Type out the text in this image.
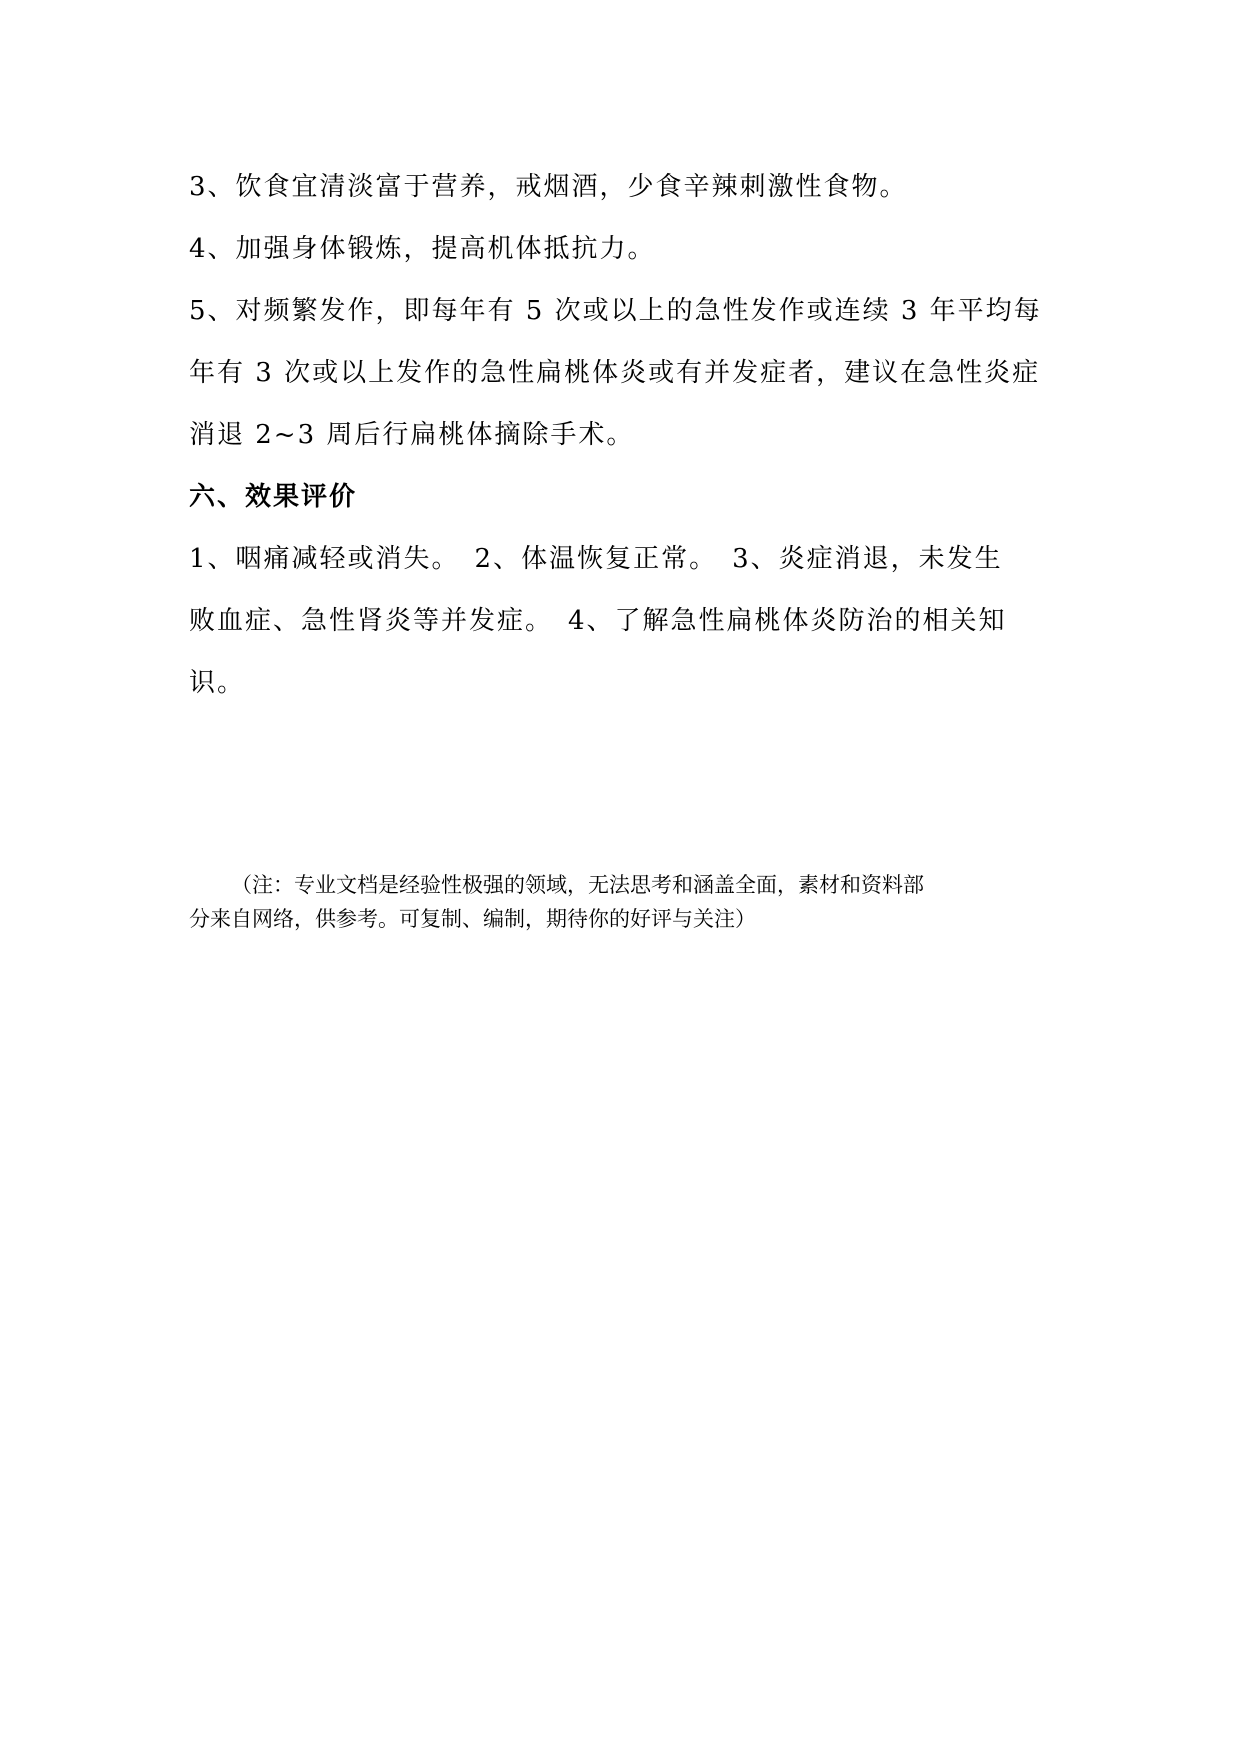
3、饮食宜清淡富于营养，戒烟酒，少食辛辣刺激性食物。
4、加强身体锻炼，提高机体抵抗力。
5、对频繁发作，即每年有 5 次或以上的急性发作或连续 3 年平均每
年有 3 次或以上发作的急性扁桃体炎或有并发症者，建议在急性炎症
消退 2~3 周后行扁桃体摘除手术。
六、效果评价
1、咽痛减轻或消失。　2、体温恢复正常。　3、炎症消退，未发生
败血症、急性肾炎等并发症。　4、了解急性扁桃体炎防治的相关知
识。
（注：专业文档是经验性极强的领域，无法思考和涵盖全面，素材和资料部
分来自网络，供参考。可复制、编制，期待你的好评与关注）
